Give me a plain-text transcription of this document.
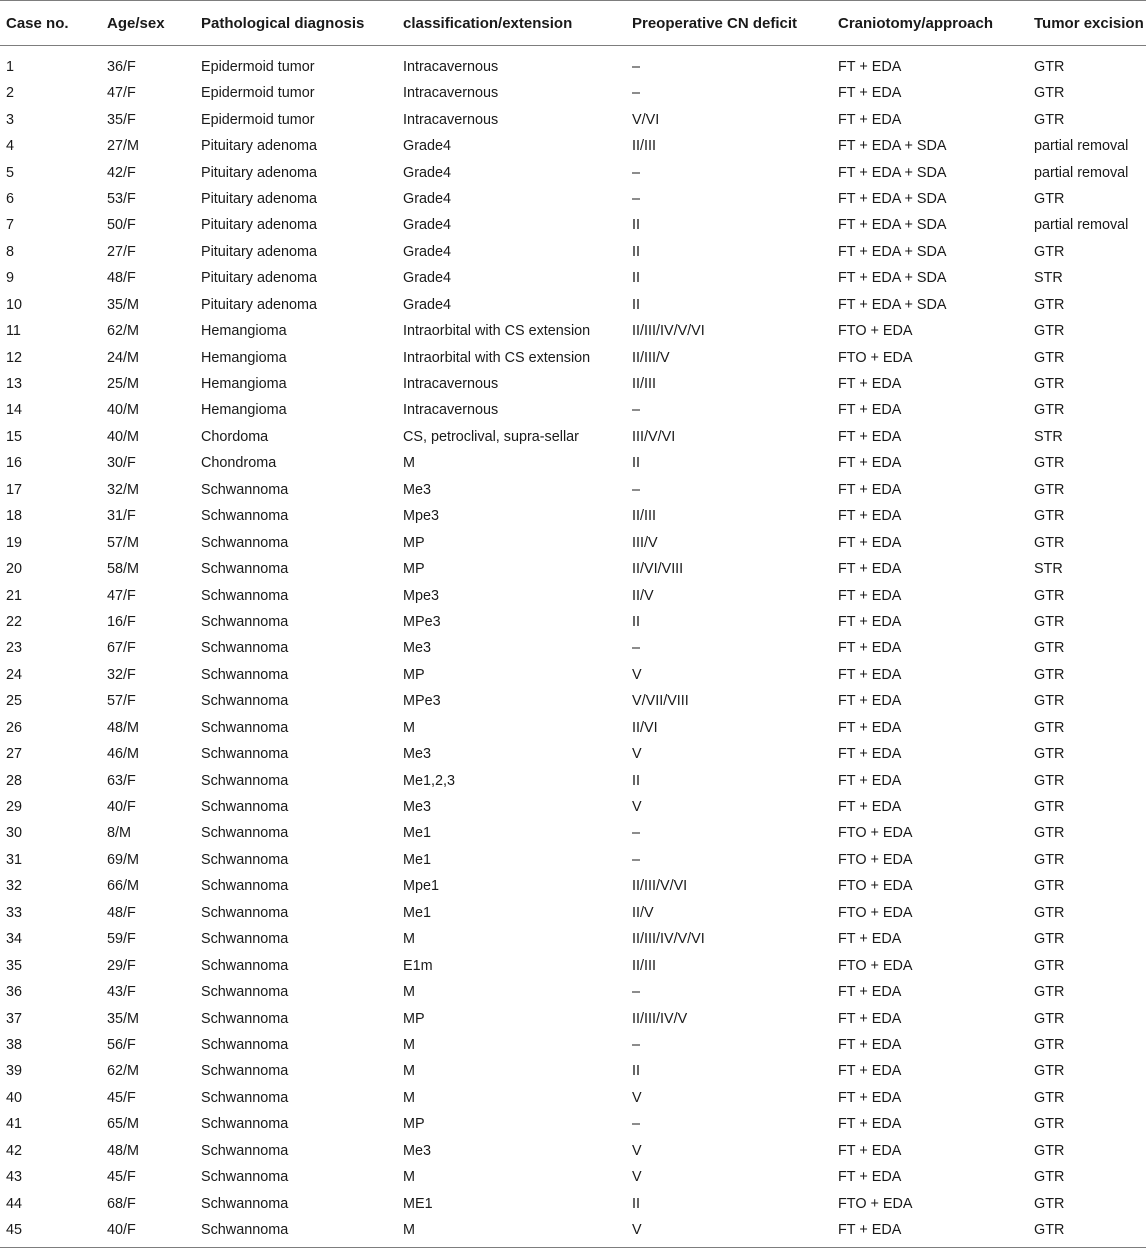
Case no.	Age/sex	Pathological diagnosis	classification/extension	Preoperative CN deficit	Craniotomy/approach	Tumor excision
1	36/F	Epidermoid tumor	Intracavernous	–	FT + EDA	GTR
2	47/F	Epidermoid tumor	Intracavernous	–	FT + EDA	GTR
3	35/F	Epidermoid tumor	Intracavernous	V/VI	FT + EDA	GTR
4	27/M	Pituitary adenoma	Grade4	II/III	FT + EDA + SDA	partial removal
5	42/F	Pituitary adenoma	Grade4	–	FT + EDA + SDA	partial removal
6	53/F	Pituitary adenoma	Grade4	–	FT + EDA + SDA	GTR
7	50/F	Pituitary adenoma	Grade4	II	FT + EDA + SDA	partial removal
8	27/F	Pituitary adenoma	Grade4	II	FT + EDA + SDA	GTR
9	48/F	Pituitary adenoma	Grade4	II	FT + EDA + SDA	STR
10	35/M	Pituitary adenoma	Grade4	II	FT + EDA + SDA	GTR
11	62/M	Hemangioma	Intraorbital with CS extension	II/III/IV/V/VI	FTO + EDA	GTR
12	24/M	Hemangioma	Intraorbital with CS extension	II/III/V	FTO + EDA	GTR
13	25/M	Hemangioma	Intracavernous	II/III	FT + EDA	GTR
14	40/M	Hemangioma	Intracavernous	–	FT + EDA	GTR
15	40/M	Chordoma	CS, petroclival, supra-sellar	III/V/VI	FT + EDA	STR
16	30/F	Chondroma	M	II	FT + EDA	GTR
17	32/M	Schwannoma	Me3	–	FT + EDA	GTR
18	31/F	Schwannoma	Mpe3	II/III	FT + EDA	GTR
19	57/M	Schwannoma	MP	III/V	FT + EDA	GTR
20	58/M	Schwannoma	MP	II/VI/VIII	FT + EDA	STR
21	47/F	Schwannoma	Mpe3	II/V	FT + EDA	GTR
22	16/F	Schwannoma	MPe3	II	FT + EDA	GTR
23	67/F	Schwannoma	Me3	–	FT + EDA	GTR
24	32/F	Schwannoma	MP	V	FT + EDA	GTR
25	57/F	Schwannoma	MPe3	V/VII/VIII	FT + EDA	GTR
26	48/M	Schwannoma	M	II/VI	FT + EDA	GTR
27	46/M	Schwannoma	Me3	V	FT + EDA	GTR
28	63/F	Schwannoma	Me1,2,3	II	FT + EDA	GTR
29	40/F	Schwannoma	Me3	V	FT + EDA	GTR
30	8/M	Schwannoma	Me1	–	FTO + EDA	GTR
31	69/M	Schwannoma	Me1	–	FTO + EDA	GTR
32	66/M	Schwannoma	Mpe1	II/III/V/VI	FTO + EDA	GTR
33	48/F	Schwannoma	Me1	II/V	FTO + EDA	GTR
34	59/F	Schwannoma	M	II/III/IV/V/VI	FT + EDA	GTR
35	29/F	Schwannoma	E1m	II/III	FTO + EDA	GTR
36	43/F	Schwannoma	M	–	FT + EDA	GTR
37	35/M	Schwannoma	MP	II/III/IV/V	FT + EDA	GTR
38	56/F	Schwannoma	M	–	FT + EDA	GTR
39	62/M	Schwannoma	M	II	FT + EDA	GTR
40	45/F	Schwannoma	M	V	FT + EDA	GTR
41	65/M	Schwannoma	MP	–	FT + EDA	GTR
42	48/M	Schwannoma	Me3	V	FT + EDA	GTR
43	45/F	Schwannoma	M	V	FT + EDA	GTR
44	68/F	Schwannoma	ME1	II	FTO + EDA	GTR
45	40/F	Schwannoma	M	V	FT + EDA	GTR
